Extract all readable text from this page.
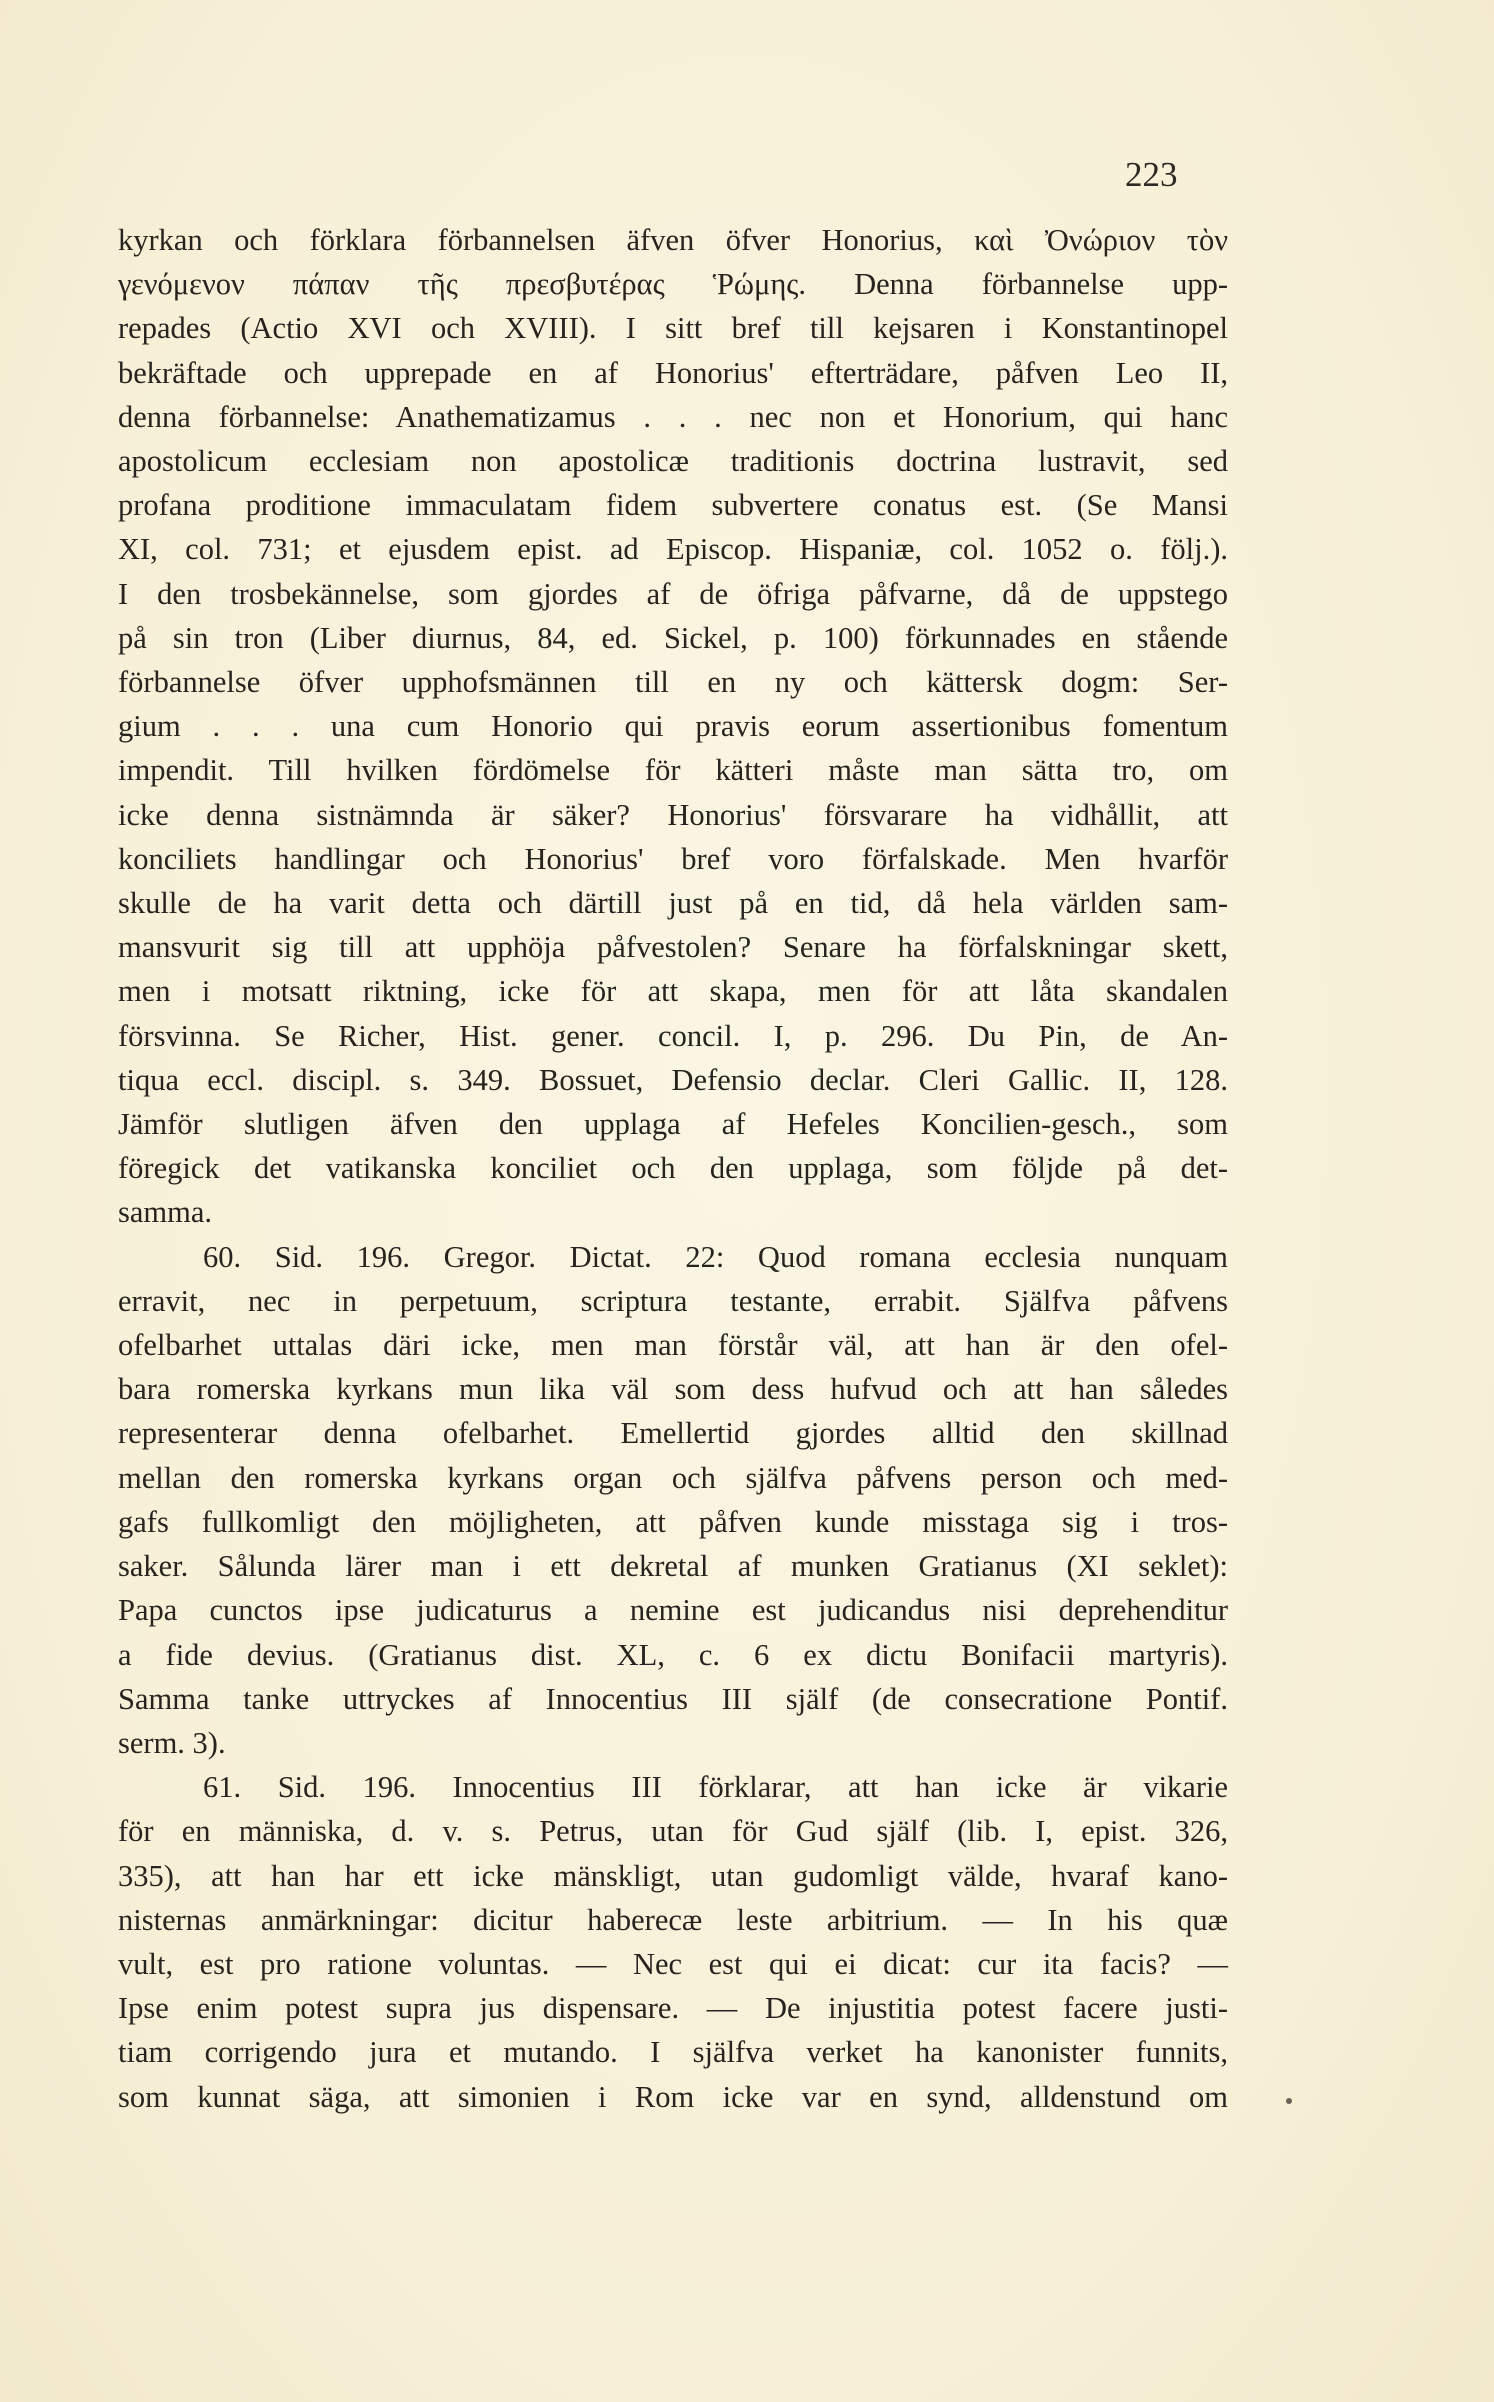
223
kyrkan och förklara förbannelsen äfven öfver Honorius, καὶ Ὀνώριον τὸν
γενόμενον πάπαν τῆς πρεσβυτέρας Ῥώμης. Denna förbannelse upp-
repades (Actio XVI och XVIII). I sitt bref till kejsaren i Konstantinopel
bekräftade och upprepade en af Honorius' efterträdare, påfven Leo II,
denna förbannelse: Anathematizamus . . . nec non et Honorium, qui hanc
apostolicum ecclesiam non apostolicæ traditionis doctrina lustravit, sed
profana proditione immaculatam fidem subvertere conatus est. (Se Mansi
XI, col. 731; et ejusdem epist. ad Episcop. Hispaniæ, col. 1052 o. följ.).
I den trosbekännelse, som gjordes af de öfriga påfvarne, då de uppstego
på sin tron (Liber diurnus, 84, ed. Sickel, p. 100) förkunnades en stående
förbannelse öfver upphofsmännen till en ny och kättersk dogm: Ser-
gium . . . una cum Honorio qui pravis eorum assertionibus fomentum
impendit. Till hvilken fördömelse för kätteri måste man sätta tro, om
icke denna sistnämnda är säker? Honorius' försvarare ha vidhållit, att
konciliets handlingar och Honorius' bref voro förfalskade. Men hvarför
skulle de ha varit detta och därtill just på en tid, då hela världen sam-
mansvurit sig till att upphöja påfvestolen? Senare ha förfalskningar skett,
men i motsatt riktning, icke för att skapa, men för att låta skandalen
försvinna. Se Richer, Hist. gener. concil. I, p. 296. Du Pin, de An-
tiqua eccl. discipl. s. 349. Bossuet, Defensio declar. Cleri Gallic. II, 128.
Jämför slutligen äfven den upplaga af Hefeles Koncilien-gesch., som
föregick det vatikanska konciliet och den upplaga, som följde på det-
samma.
60. Sid. 196. Gregor. Dictat. 22: Quod romana ecclesia nunquam
erravit, nec in perpetuum, scriptura testante, errabit. Själfva påfvens
ofelbarhet uttalas däri icke, men man förstår väl, att han är den ofel-
bara romerska kyrkans mun lika väl som dess hufvud och att han således
representerar denna ofelbarhet. Emellertid gjordes alltid den skillnad
mellan den romerska kyrkans organ och själfva påfvens person och med-
gafs fullkomligt den möjligheten, att påfven kunde misstaga sig i tros-
saker. Sålunda lärer man i ett dekretal af munken Gratianus (XI seklet):
Papa cunctos ipse judicaturus a nemine est judicandus nisi deprehenditur
a fide devius. (Gratianus dist. XL, c. 6 ex dictu Bonifacii martyris).
Samma tanke uttryckes af Innocentius III själf (de consecratione Pontif.
serm. 3).
61. Sid. 196. Innocentius III förklarar, att han icke är vikarie
för en människa, d. v. s. Petrus, utan för Gud själf (lib. I, epist. 326,
335), att han har ett icke mänskligt, utan gudomligt välde, hvaraf kano-
nisternas anmärkningar: dicitur haberecæ leste arbitrium. — In his quæ
vult, est pro ratione voluntas. — Nec est qui ei dicat: cur ita facis? —
Ipse enim potest supra jus dispensare. — De injustitia potest facere justi-
tiam corrigendo jura et mutando. I själfva verket ha kanonister funnits,
som kunnat säga, att simonien i Rom icke var en synd, alldenstund om
